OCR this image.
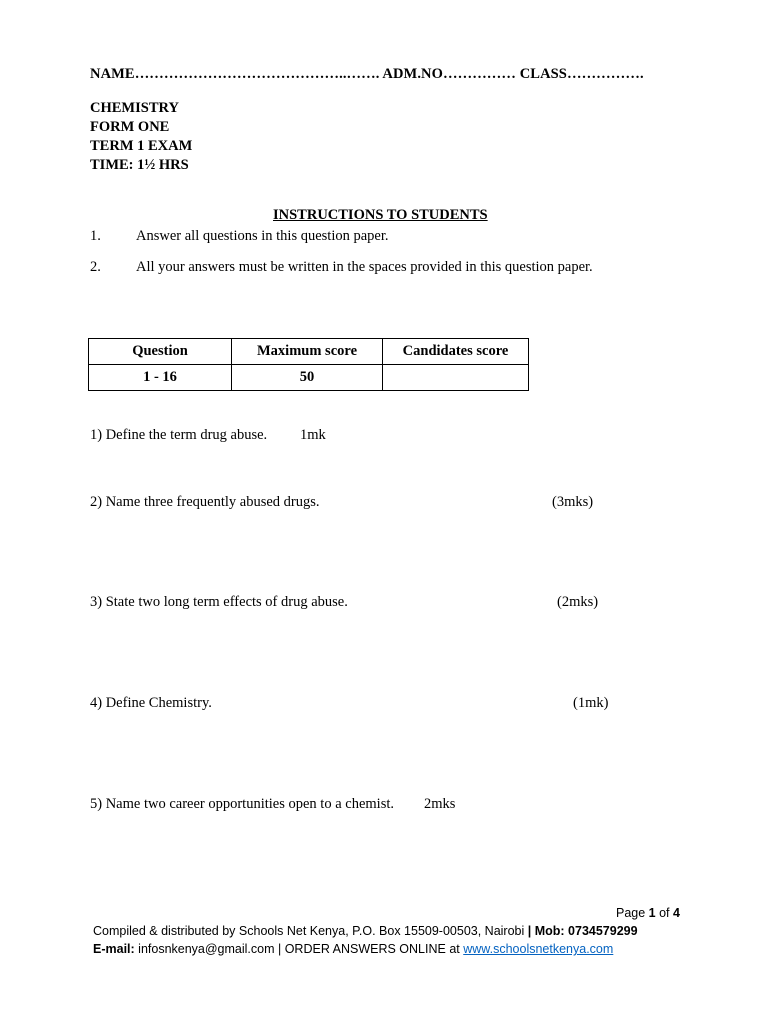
NAME……………………………………..……. ADM.NO…………… CLASS…………….
CHEMISTRY
FORM ONE
TERM 1 EXAM
TIME: 1½ HRS
INSTRUCTIONS TO STUDENTS
1. Answer all questions in this question paper.
2. All your answers must be written in the spaces provided in this question paper.
Question	Maximum score	Candidates score
1 - 16	50	
1) Define the term drug abuse. 1mk
2) Name three frequently abused drugs.	(3mks)
3) State two long term effects of drug abuse.	(2mks)
4) Define Chemistry.	(1mk)
5) Name two career opportunities open to a chemist. 2mks
Page 1 of 4
Compiled & distributed by Schools Net Kenya, P.O. Box 15509-00503, Nairobi | Mob: 0734579299
E-mail: infosnkenya@gmail.com | ORDER ANSWERS ONLINE at www.schoolsnetkenya.com
